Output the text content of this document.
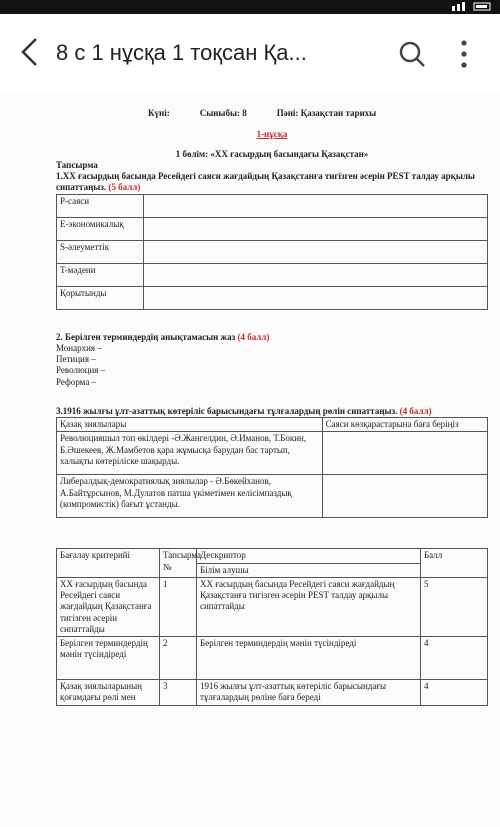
8 с 1 нұсқа 1 тоқсан Қа...
Күні:	Сыныбы: 8	Пәні: Қазақстан тарихы
1-нұсқа
1 бөлім: «XX ғасырдың басындағы Қазақстан»
Тапсырма
1.XX ғасырдың басында Ресейдегі саяси жағдайдың Қазақстанға тигізген әсерін PEST талдау арқылы сипаттаңыз. (5 балл)
P-саяси	
Е-экономикалық	
S-әлеуметтік	
T-мәдени	
Қорытынды	
2. Берілген терминдердің анықтамасын жаз (4 балл)
Монархия –
Петиция –
Революция –
Реформа –
3.1916 жылғы ұлт-азаттық көтеріліс барысындағы тұлғалардың рөлін сипаттаңыз. (4 балл)
Қазақ зиялылары	Саяси көзқарастарына баға беріңіз
Революцияшыл топ өкілдері -Ә.Жангелдин, Ә.Иманов, Т.Бокин, Б.Әшекеев, Ж.Мамбетов қара жұмысқа барудан бас тартып, халықты көтеріліске шақырды.	
Либералдық-демократиялық зиялылар - Ә.Бөкейханов, А.Байтұрсынов, М.Дулатов патша үкіметімен келісімпаздық (компромистік) бағыт ұстанды.	
Бағалау критерийі	Тапсырма №	Дескриптор	Балл
		Білім алушы	
XX ғасырдың басында Ресейдегі саяси жағдайдың Қазақстанға тигізген әсерін сипаттайды	1	XX ғасырдың басында Ресейдегі саяси жағдайдың Қазақстанға тигізген әсерін PEST талдау арқылы сипаттайды	5
Берілген терминдердің мәнін түсіндіреді	2	Берілген терминдердің мәнін түсіндіреді	4
Қазақ зиялыларының қоғамдағы рөлі мен	3	1916 жылғы ұлт-азаттық көтеріліс барысындағы тұлғалардың рөліне баға береді	4
